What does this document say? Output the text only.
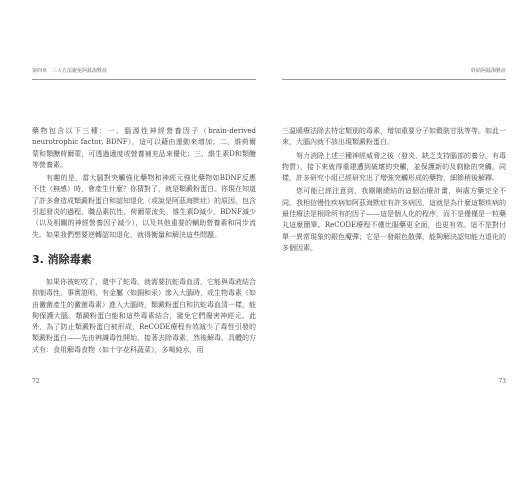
第四章　三大方法避免阿茲海默症

藥物包含以下三種：一、腦源性神經營養因子（brain-derived neurotrophic factor, BDNF），這可以藉由運動來增加；二、維荷爾蒙和類醣荷爾蒙，可透過適度或營養補充品來優化；三、維生素D和類醣等營養素。

有趣的是，當大腦對突觸強化藥物和神經元強化藥物如BDNF反應不佳（無感）時，會產生什麼？你猜對了，就是類澱粉蛋白。你現在知道了許多會造成類澱粉蛋白和認知退化（或說是阿茲海默症）的原因，包含引起發炎的過程、職品素抗性、荷爾蒙流失、維生素D減少、BDNF減少（以及相關的神經營養因子減少），以及其他重要的輔助營養素和同步流失。如果我們想要逆轉認知退化，就得衡量和解決這些問題。

3. 消除毒素

如果你被蛇咬了，還中了蛇毒，就需要抗蛇毒血清，它能與毒液結合抑制毒性。事實證明，有金屬（如銅和汞）滲入大腦時，或生物毒素（如由黴菌產生的黴菌毒素）進入大腦時，類澱粉蛋白和抗蛇毒血清一樣，能夠保護大腦。類澱粉蛋白能和這些毒素結合，避免它們傷害神經元。此外，為了防止類澱粉蛋白被形成，ReCODE療程有效減少了毒性引發的類澱粉蛋白——先由辨識毒性開始，接著去除毒素，然後解毒。具體的方式有：食用解毒食物（如十字花科蔬菜），多喝純水，用

72
終結阿茲海默症

三溫暖療法除去特定類別的毒素，增加重要分子如穀胱甘肽等等。如此一來，大腦內就不該出現類澱粉蛋白。

努力消除上述三種神經威脅之後（發炎、缺乏支持腦部的養分，有毒物質），接下來就得重建遭到破壞的突觸，並保護新的及剩餘的突觸。同樣，許多研究小組已經研究出了增強突觸形成的藥物，細節稍後解釋。

您可能已經注意到，我剛剛總結的這個治療計畫，與處方藥完全不同。我相信慢性疾病如阿茲海默症有許多病因，這就是為什麼這類疾病的最佳療法是根除所有的因子——這是個人化的程序，而不是僅僅是一粒藥丸這麼簡單。ReCODE療程不僅比服藥更全面，也更有效。這不是對付單一異常現象的銀色魔彈；它是一發銀色散彈，能夠解決認知能力退化的多個因素。

73
